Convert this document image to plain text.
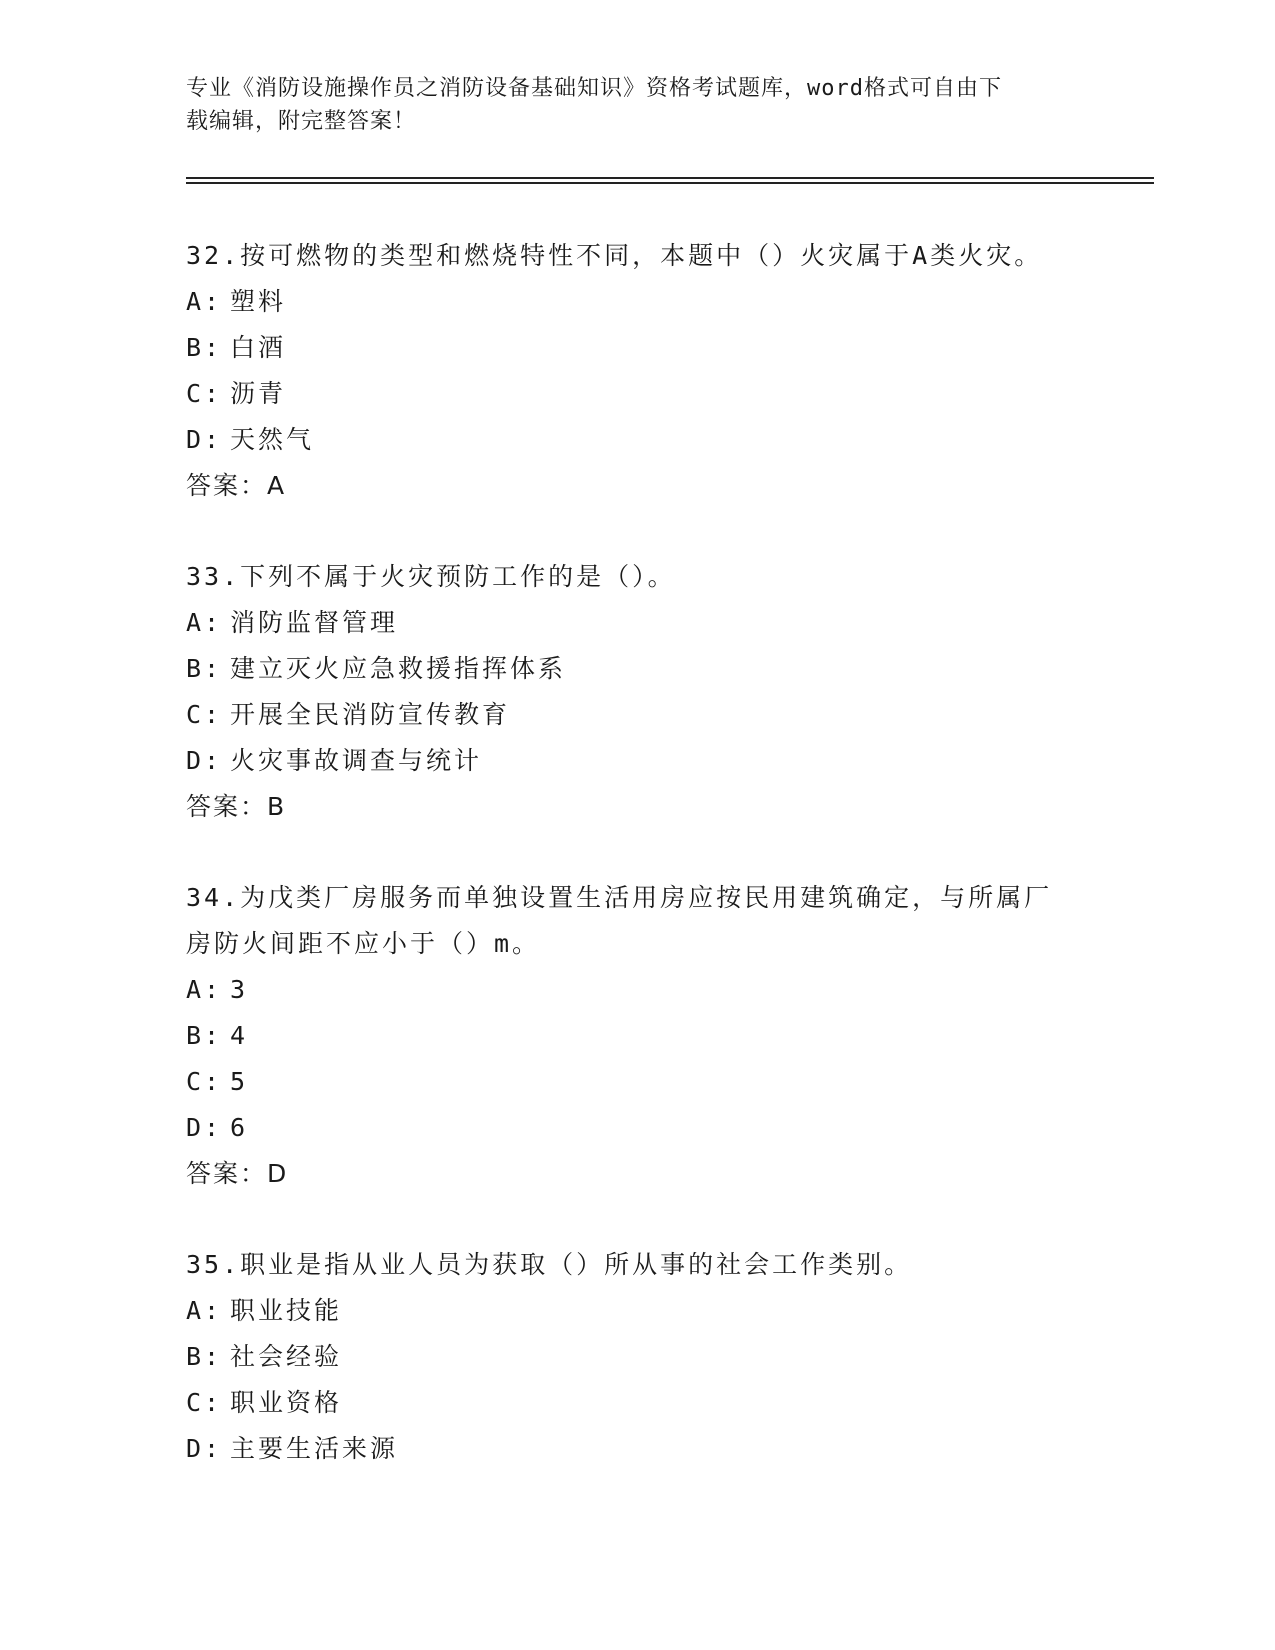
专业《消防设施操作员之消防设备基础知识》资格考试题库，word格式可自由下
载编辑，附完整答案！
32.按可燃物的类型和燃烧特性不同，本题中（）火灾属于A类火灾。
A: 塑料
B: 白酒
C: 沥青
D: 天然气
答案：A
33.下列不属于火灾预防工作的是（）。
A: 消防监督管理
B: 建立灭火应急救援指挥体系
C: 开展全民消防宣传教育
D: 火灾事故调查与统计
答案：B
34.为戊类厂房服务而单独设置生活用房应按民用建筑确定，与所属厂
房防火间距不应小于（）m。
A: 3
B: 4
C: 5
D: 6
答案：D
35.职业是指从业人员为获取（）所从事的社会工作类别。
A: 职业技能
B: 社会经验
C: 职业资格
D: 主要生活来源
